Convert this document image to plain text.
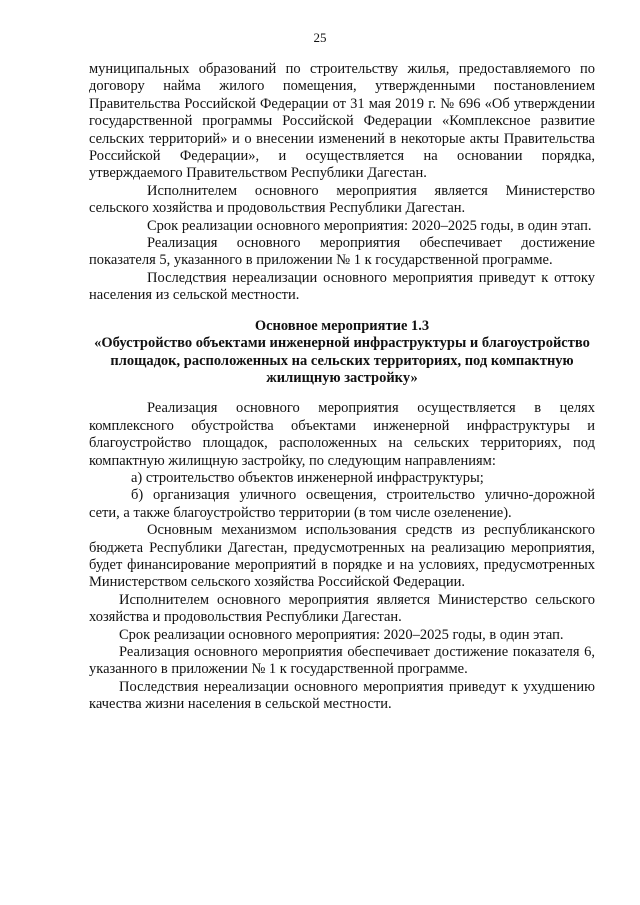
25

муниципальных образований по строительству жилья, предоставляемого по договору найма жилого помещения, утвержденными постановлением Правительства Российской Федерации от 31 мая 2019 г. № 696 «Об утверждении государственной программы Российской Федерации «Комплексное развитие сельских территорий» и о внесении изменений в некоторые акты Правительства Российской Федерации», и осуществляется на основании порядка, утверждаемого Правительством Республики Дагестан.

Исполнителем основного мероприятия является Министерство сельского хозяйства и продовольствия Республики Дагестан.

Срок реализации основного мероприятия: 2020–2025 годы, в один этап.

Реализация основного мероприятия обеспечивает достижение показателя 5, указанного в приложении № 1 к государственной программе.

Последствия нереализации основного мероприятия приведут к оттоку населения из сельской местности.

Основное мероприятие 1.3

«Обустройство объектами инженерной инфраструктуры и благоустройство площадок, расположенных на сельских территориях, под компактную жилищную застройку»

Реализация основного мероприятия осуществляется в целях комплексного обустройства объектами инженерной инфраструктуры и благоустройство площадок, расположенных на сельских территориях, под компактную жилищную застройку, по следующим направлениям:

а) строительство объектов инженерной инфраструктуры;

б) организация уличного освещения, строительство улично-дорожной сети, а также благоустройство территории (в том числе озеленение).

Основным механизмом использования средств из республиканского бюджета Республики Дагестан, предусмотренных на реализацию мероприятия, будет финансирование мероприятий в порядке и на условиях, предусмотренных Министерством сельского хозяйства Российской Федерации.

Исполнителем основного мероприятия является Министерство сельского хозяйства и продовольствия Республики Дагестан.

Срок реализации основного мероприятия: 2020–2025 годы, в один этап.

Реализация основного мероприятия обеспечивает достижение показателя 6, указанного в приложении № 1 к государственной программе.

Последствия нереализации основного мероприятия приведут к ухудшению качества жизни населения в сельской местности.
